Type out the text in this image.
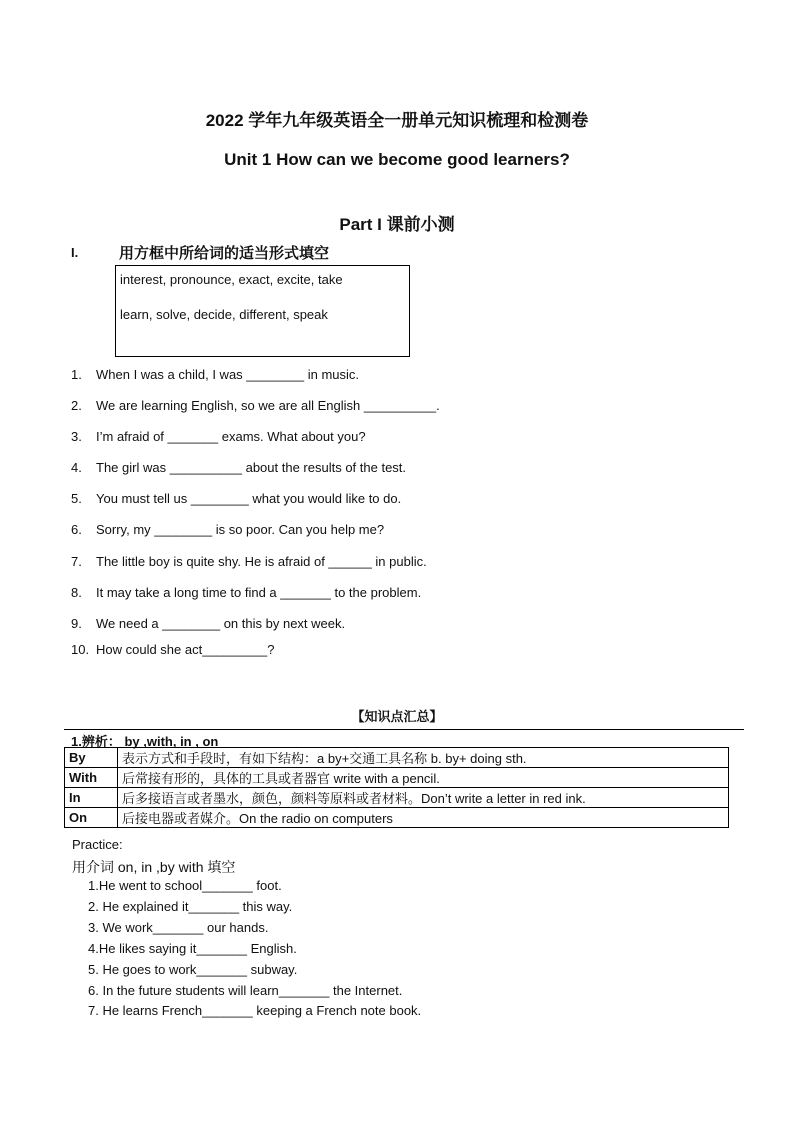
2022 学年九年级英语全一册单元知识梳理和检测卷
Unit 1 How can we become good learners?
Part I 课前小测
I.	用方框中所给词的适当形式填空
interest, pronounce, exact, excite, take
learn, solve, decide, different, speak
1. When I was a child, I was ________ in music.
2. We are learning English, so we are all English __________.
3. I’m afraid of _______ exams. What about you?
4. The girl was __________ about the results of the test.
5. You must tell us ________ what you would like to do.
6. Sorry, my ________ is so poor. Can you help me?
7. The little boy is quite shy. He is afraid of ______ in public.
8. It may take a long time to find a _______ to the problem.
9. We need a ________ on this by next week.
10. How could she act_________?
【知识点汇总】
1.辨析： by ,with, in , on
By	表示方式和手段时，有如下结构：a by+交通工具名称 b. by+ doing sth.
With	后常接有形的，具体的工具或者器官 write with a pencil.
In	后多接语言或者墨水，颜色，颜料等原料或者材料。Don’t write a letter in red ink.
On	后接电器或者媒介。On the radio on computers
Practice:
用介词 on, in ,by with 填空
1.He went to school_______ foot.
2. He explained it_______ this way.
3. We work_______ our hands.
4.He likes saying it_______ English.
5. He goes to work_______ subway.
6. In the future students will learn_______ the Internet.
7. He learns French_______ keeping a French note book.
